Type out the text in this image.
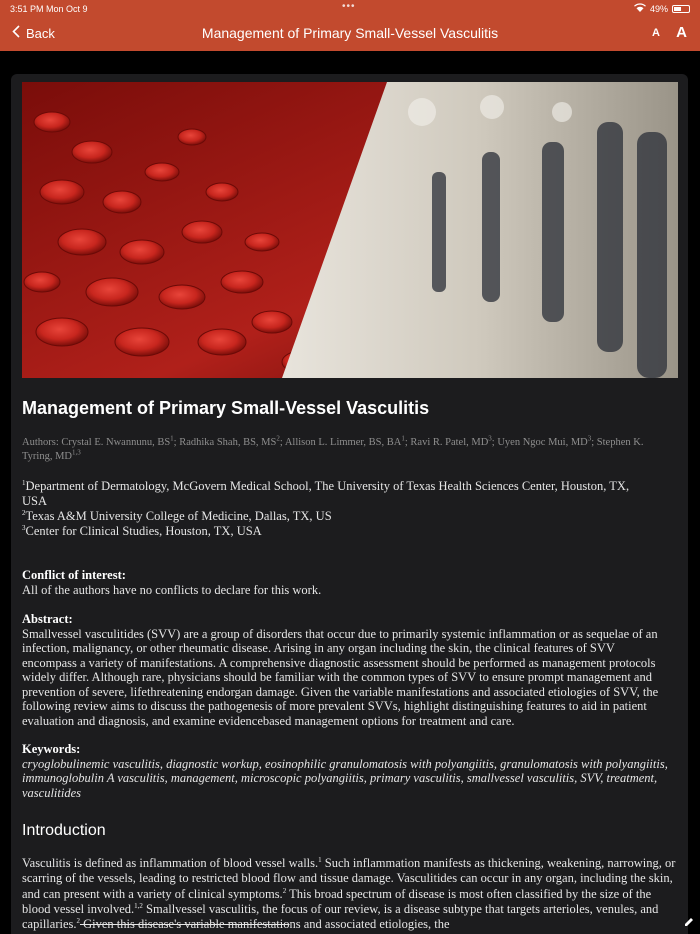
3:51 PM Mon Oct 9	•••	49%
Back	Management of Primary Small-Vessel Vasculitis	A A
Management of Primary Small-Vessel Vasculitis
Authors: Crystal E. Nwannunu, $BS^1$; Radhika Shah, BS, $MS^2$; Allison L. Limmer, BS, $BA^1$; Ravi R. Patel, $MD^3$; Uyen Ngoc Mui, $MD^3$; Stephen K. Tyring, MD$^{1,3}$
$^1$Department of Dermatology, McGovern Medical School, The University of Texas Health Sciences Center, Houston, TX, USA
$^2$Texas A&M University College of Medicine, Dallas, TX, US
$^3$Center for Clinical Studies, Houston, TX, USA
Conflict of interest:
All of the authors have no conflicts to declare for this work.
Abstract:
Smallvessel vasculitides (SVV) are a group of disorders that occur due to primarily systemic inflammation or as sequelae of an infection, malignancy, or other rheumatic disease. Arising in any organ including the skin, the clinical features of SVV encompass a variety of manifestations. A comprehensive diagnostic assessment should be performed as management protocols widely differ. Although rare, physicians should be familiar with the common types of SVV to ensure prompt management and prevention of severe, lifethreatening endorgan damage. Given the variable manifestations and associated etiologies of SVV, the following review aims to discuss the pathogenesis of more prevalent SVVs, highlight distinguishing features to aid in patient evaluation and diagnosis, and examine evidencebased management options for treatment and care.
Keywords:
cryoglobulinemic vasculitis, diagnostic workup, eosinophilic granulomatosis with polyangiitis, granulomatosis with polyangiitis, immunoglobulin A vasculitis, management, microscopic polyangiitis, primary vasculitis, smallvessel vasculitis, SVV, treatment, vasculitides
Introduction
Vasculitis is defined as inflammation of blood vessel walls.$^1$ Such inflammation manifests as thickening, weakening, narrowing, or scarring of the vessels, leading to restricted blood flow and tissue damage. Vasculitides can occur in any organ, including the skin, and can present with a variety of clinical symptoms.$^2$ This broad spectrum of disease is most often classified by the size of the blood vessel involved.$^{1,2}$ Smallvessel vasculitis, the focus of our review, is a disease subtype that targets arterioles, venules, and capillaries.$^2$ Given this disease's variable manifestations and associated etiologies, the
